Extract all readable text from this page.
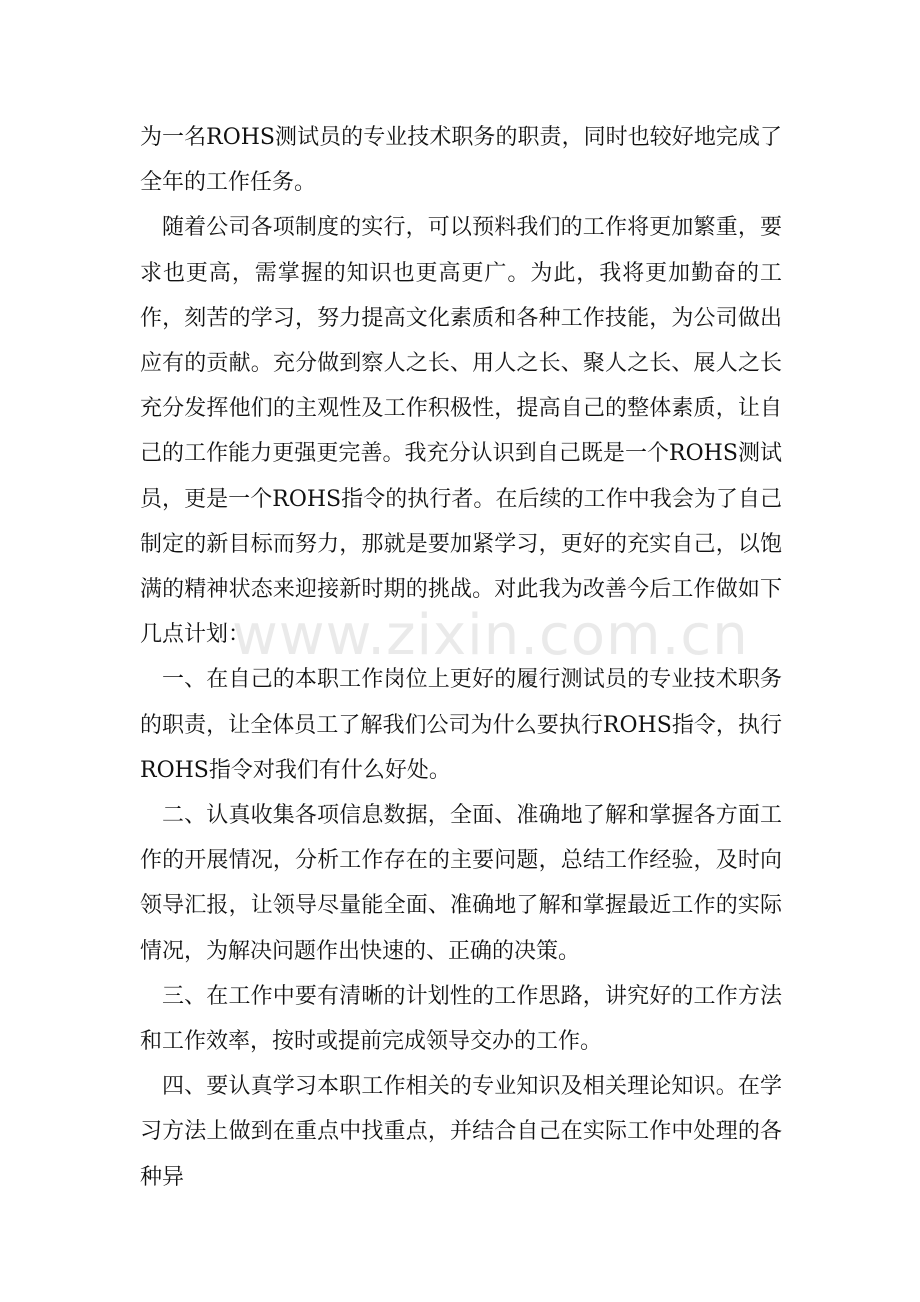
为一名ROHS测试员的专业技术职务的职责，同时也较好地完成了全年的工作任务。

随着公司各项制度的实行，可以预料我们的工作将更加繁重，要求也更高，需掌握的知识也更高更广。为此，我将更加勤奋的工作，刻苦的学习，努力提高文化素质和各种工作技能，为公司做出应有的贡献。充分做到察人之长、用人之长、聚人之长、展人之长充分发挥他们的主观性及工作积极性，提高自己的整体素质，让自己的工作能力更强更完善。我充分认识到自己既是一个ROHS测试员，更是一个ROHS指令的执行者。在后续的工作中我会为了自己制定的新目标而努力，那就是要加紧学习，更好的充实自己，以饱满的精神状态来迎接新时期的挑战。对此我为改善今后工作做如下几点计划：

一、在自己的本职工作岗位上更好的履行测试员的专业技术职务的职责，让全体员工了解我们公司为什么要执行ROHS指令，执行ROHS指令对我们有什么好处。

二、认真收集各项信息数据，全面、准确地了解和掌握各方面工作的开展情况，分析工作存在的主要问题，总结工作经验，及时向领导汇报，让领导尽量能全面、准确地了解和掌握最近工作的实际情况，为解决问题作出快速的、正确的决策。

三、在工作中要有清晰的计划性的工作思路，讲究好的工作方法和工作效率，按时或提前完成领导交办的工作。

四、要认真学习本职工作相关的专业知识及相关理论知识。在学习方法上做到在重点中找重点，并结合自己在实际工作中处理的各种异

www.zixin.com.cn
